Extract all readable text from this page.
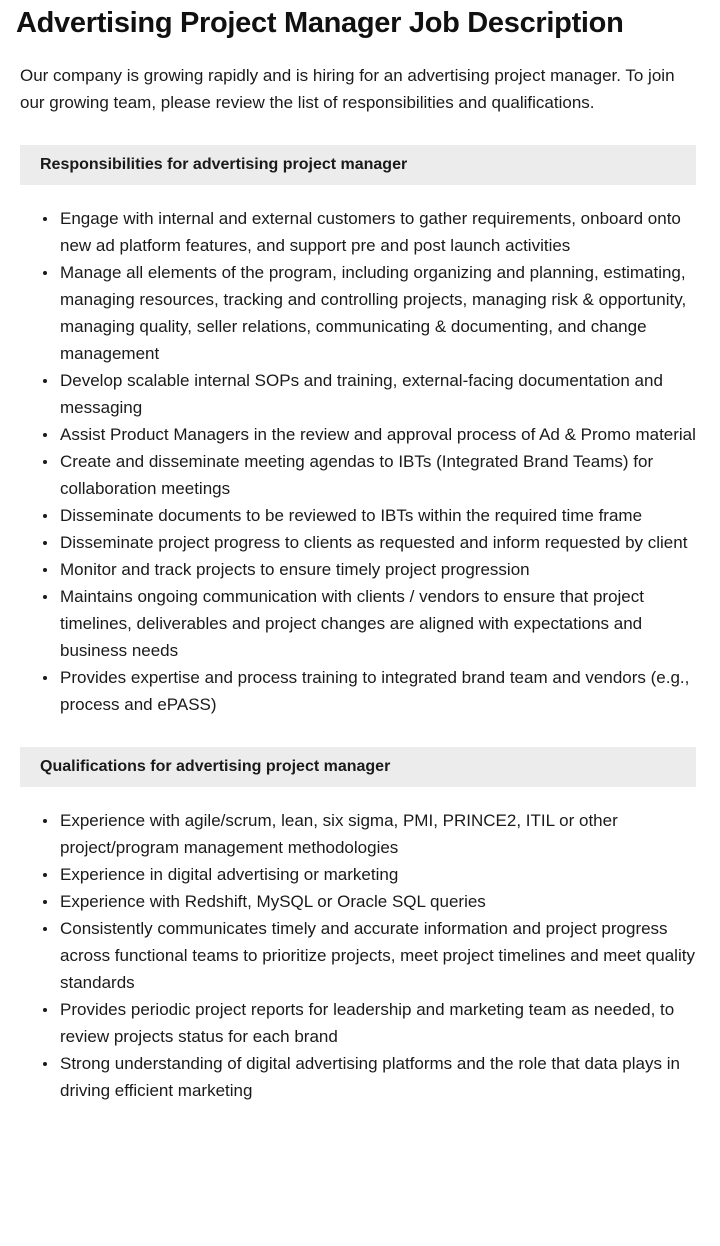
Advertising Project Manager Job Description

Our company is growing rapidly and is hiring for an advertising project manager. To join our growing team, please review the list of responsibilities and qualifications.

Responsibilities for advertising project manager
Engage with internal and external customers to gather requirements, onboard onto new ad platform features, and support pre and post launch activities
Manage all elements of the program, including organizing and planning, estimating, managing resources, tracking and controlling projects, managing risk & opportunity, managing quality, seller relations, communicating & documenting, and change management
Develop scalable internal SOPs and training, external-facing documentation and messaging
Assist Product Managers in the review and approval process of Ad & Promo material
Create and disseminate meeting agendas to IBTs (Integrated Brand Teams) for collaboration meetings
Disseminate documents to be reviewed to IBTs within the required time frame
Disseminate project progress to clients as requested and inform requested by client
Monitor and track projects to ensure timely project progression
Maintains ongoing communication with clients / vendors to ensure that project timelines, deliverables and project changes are aligned with expectations and business needs
Provides expertise and process training to integrated brand team and vendors (e.g., process and ePASS)
Qualifications for advertising project manager
Experience with agile/scrum, lean, six sigma, PMI, PRINCE2, ITIL or other project/program management methodologies
Experience in digital advertising or marketing
Experience with Redshift, MySQL or Oracle SQL queries
Consistently communicates timely and accurate information and project progress across functional teams to prioritize projects, meet project timelines and meet quality standards
Provides periodic project reports for leadership and marketing team as needed, to review projects status for each brand
Strong understanding of digital advertising platforms and the role that data plays in driving efficient marketing
